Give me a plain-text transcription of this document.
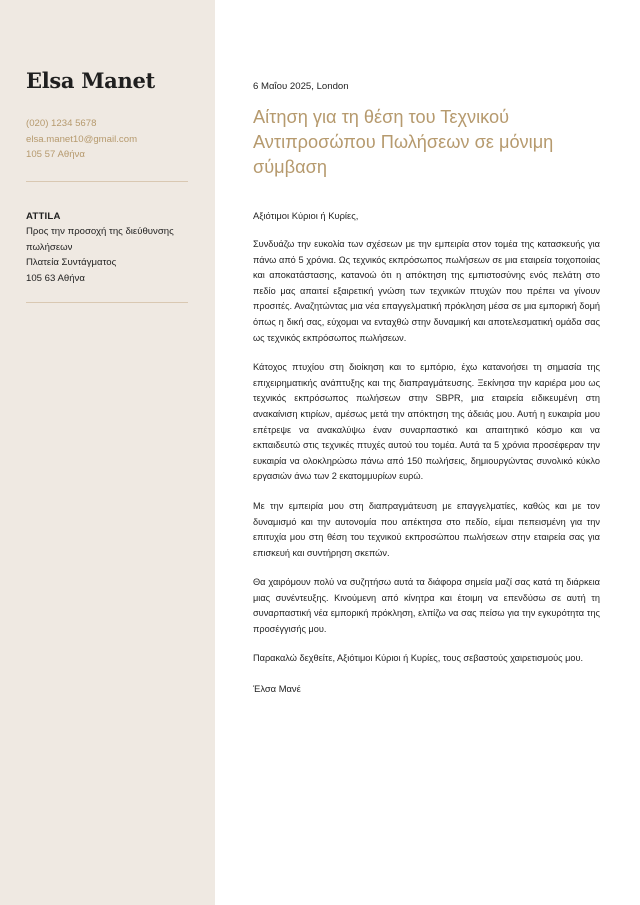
Elsa Manet
(020) 1234 5678
elsa.manet10@gmail.com
105 57 Αθήνα
ATTILA
Προς την προσοχή της διεύθυνσης πωλήσεων
Πλατεία Συντάγματος
105 63 Αθήνα
6 Μαΐου 2025, London
Αίτηση για τη θέση του Τεχνικού Αντιπροσώπου Πωλήσεων σε μόνιμη σύμβαση
Αξιότιμοι Κύριοι ή Κυρίες,
Συνδυάζω την ευκολία των σχέσεων με την εμπειρία στον τομέα της κατασκευής για πάνω από 5 χρόνια. Ως τεχνικός εκπρόσωπος πωλήσεων σε μια εταιρεία τοιχοποιίας και αποκατάστασης, κατανοώ ότι η απόκτηση της εμπιστοσύνης ενός πελάτη στο πεδίο μας απαιτεί εξαιρετική γνώση των τεχνικών πτυχών που πρέπει να γίνουν προσιτές. Αναζητώντας μια νέα επαγγελματική πρόκληση μέσα σε μια εμπορική δομή όπως η δική σας, εύχομαι να ενταχθώ στην δυναμική και αποτελεσματική ομάδα σας ως τεχνικός εκπρόσωπος πωλήσεων.
Κάτοχος πτυχίου στη διοίκηση και το εμπόριο, έχω κατανοήσει τη σημασία της επιχειρηματικής ανάπτυξης και της διαπραγμάτευσης. Ξεκίνησα την καριέρα μου ως τεχνικός εκπρόσωπος πωλήσεων στην SBPR, μια εταιρεία ειδικευμένη στη ανακαίνιση κτιρίων, αμέσως μετά την απόκτηση της άδειάς μου. Αυτή η ευκαιρία μου επέτρεψε να ανακαλύψω έναν συναρπαστικό και απαιτητικό κόσμο και να εκπαιδευτώ στις τεχνικές πτυχές αυτού του τομέα. Αυτά τα 5 χρόνια προσέφεραν την ευκαιρία να ολοκληρώσω πάνω από 150 πωλήσεις, δημιουργώντας συνολικό κύκλο εργασιών άνω των 2 εκατομμυρίων ευρώ.
Με την εμπειρία μου στη διαπραγμάτευση με επαγγελματίες, καθώς και με τον δυναμισμό και την αυτονομία που απέκτησα στο πεδίο, είμαι πεπεισμένη για την επιτυχία μου στη θέση του τεχνικού εκπροσώπου πωλήσεων στην εταιρεία σας για επισκευή και συντήρηση σκεπών.
Θα χαιρόμουν πολύ να συζητήσω αυτά τα διάφορα σημεία μαζί σας κατά τη διάρκεια μιας συνέντευξης. Κινούμενη από κίνητρα και έτοιμη να επενδύσω σε αυτή τη συναρπαστική νέα εμπορική πρόκληση, ελπίζω να σας πείσω για την εγκυρότητα της προσέγγισής μου.
Παρακαλώ δεχθείτε, Αξιότιμοι Κύριοι ή Κυρίες, τους σεβαστούς χαιρετισμούς μου.
Έλσα Μανέ
